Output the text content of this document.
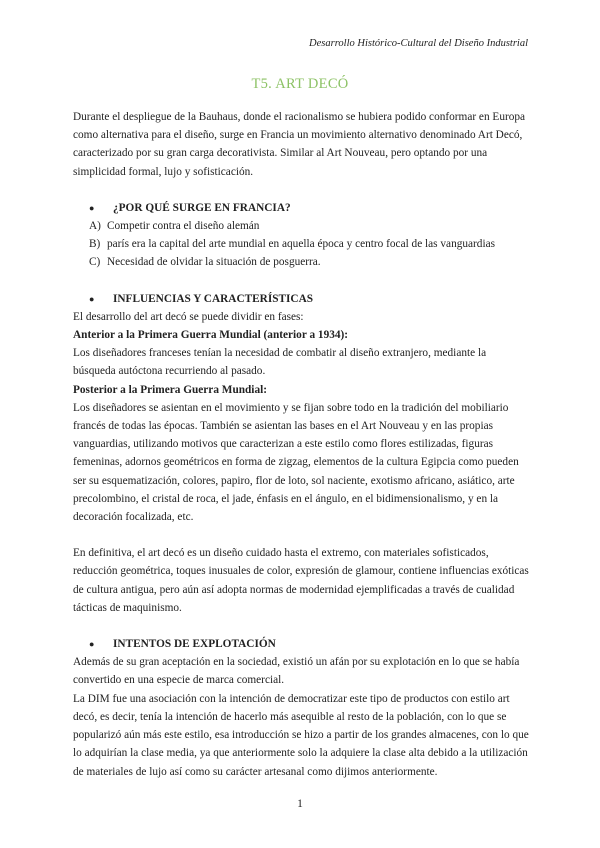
Desarrollo Histórico-Cultural del Diseño Industrial
T5. ART DECÓ

Durante el despliegue de la Bauhaus, donde el racionalismo se hubiera podido conformar en Europa como alternativa para el diseño, surge en Francia un movimiento alternativo denominado Art Decó, caracterizado por su gran carga decorativista. Similar al Art Nouveau, pero optando por una simplicidad formal, lujo y sofisticación.

●	¿POR QUÉ SURGE EN FRANCIA?
A) Competir contra el diseño alemán
B) parís era la capital del arte mundial en aquella época y centro focal de las vanguardias
C) Necesidad de olvidar la situación de posguerra.
●	INFLUENCIAS Y CARACTERÍSTICAS

El desarrollo del art decó se puede dividir en fases:

Anterior a la Primera Guerra Mundial (anterior a 1934):

Los diseñadores franceses tenían la necesidad de combatir al diseño extranjero, mediante la búsqueda autóctona recurriendo al pasado.

Posterior a la Primera Guerra Mundial:

Los diseñadores se asientan en el movimiento y se fijan sobre todo en la tradición del mobiliario francés de todas las épocas. También se asientan las bases en el Art Nouveau y en las propias vanguardias, utilizando motivos que caracterizan a este estilo como flores estilizadas, figuras femeninas, adornos geométricos en forma de zigzag, elementos de la cultura Egipcia como pueden ser su esquematización, colores, papiro, flor de loto, sol naciente, exotismo africano, asiático, arte precolombino, el cristal de roca, el jade, énfasis en el ángulo, en el bidimensionalismo, y en la decoración focalizada, etc.

En definitiva, el art decó es un diseño cuidado hasta el extremo, con materiales sofisticados, reducción geométrica, toques inusuales de color, expresión de glamour, contiene influencias exóticas de cultura antigua, pero aún así adopta normas de modernidad ejemplificadas a través de cualidad tácticas de maquinismo.

●	INTENTOS DE EXPLOTACIÓN

Además de su gran aceptación en la sociedad, existió un afán por su explotación en lo que se había convertido en una especie de marca comercial.

La DIM fue una asociación con la intención de democratizar este tipo de productos con estilo art decó, es decir, tenía la intención de hacerlo más asequible al resto de la población, con lo que se popularizó aún más este estilo, esa introducción se hizo a partir de los grandes almacenes, con lo que lo adquirían la clase media, ya que anteriormente solo la adquiere la clase alta debido a la utilización de materiales de lujo así como su carácter artesanal como dijimos anteriormente.

1
